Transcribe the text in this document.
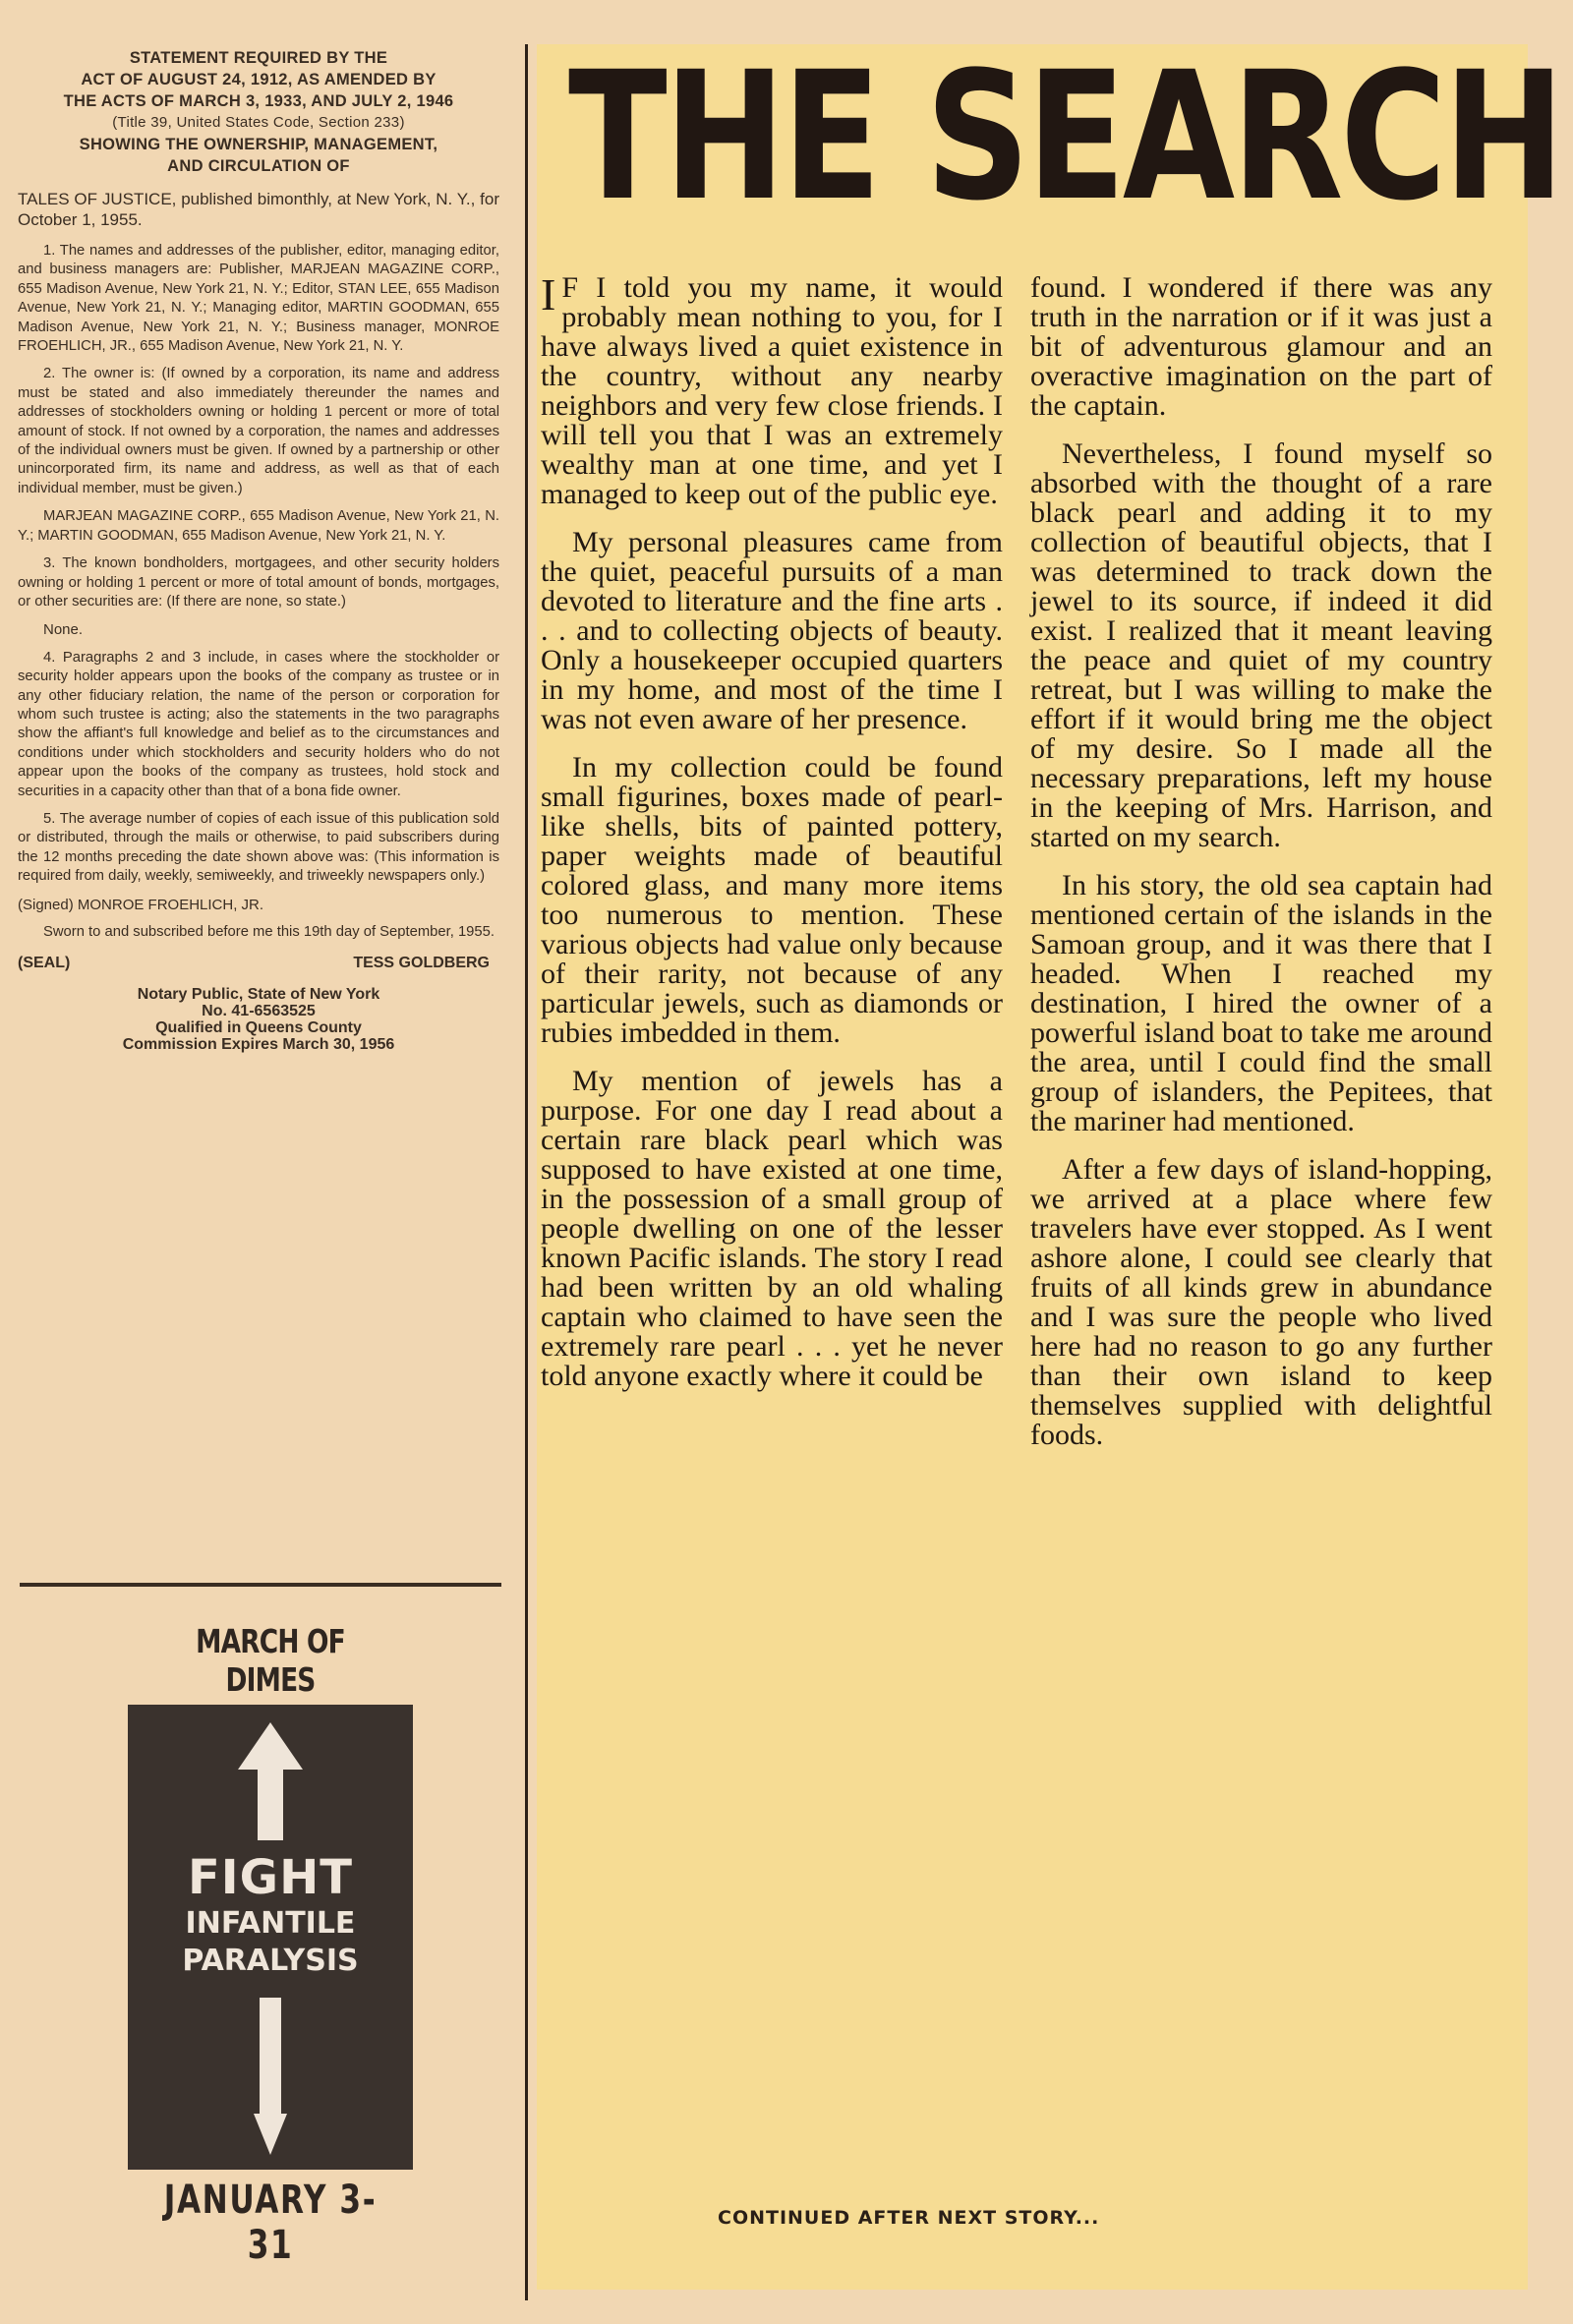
STATEMENT REQUIRED BY THE
ACT OF AUGUST 24, 1912, AS AMENDED BY
THE ACTS OF MARCH 3, 1933, AND JULY 2, 1946
(Title 39, United States Code, Section 233)
SHOWING THE OWNERSHIP, MANAGEMENT,
AND CIRCULATION OF

TALES OF JUSTICE, published bimonthly, at New York, N. Y., for October 1, 1955.

1. The names and addresses of the publisher, editor, managing editor, and business managers are: Publisher, MARJEAN MAGAZINE CORP., 655 Madison Avenue, New York 21, N. Y.; Editor, STAN LEE, 655 Madison Avenue, New York 21, N. Y.; Managing editor, MARTIN GOODMAN, 655 Madison Avenue, New York 21, N. Y.; Business manager, MONROE FROEHLICH, JR., 655 Madison Avenue, New York 21, N. Y.

2. The owner is: (If owned by a corporation, its name and address must be stated and also immediately thereunder the names and addresses of stockholders owning or holding 1 percent or more of total amount of stock. If not owned by a corporation, the names and addresses of the individual owners must be given. If owned by a partnership or other unincorporated firm, its name and address, as well as that of each individual member, must be given.)

MARJEAN MAGAZINE CORP., 655 Madison Avenue, New York 21, N. Y.; MARTIN GOODMAN, 655 Madison Avenue, New York 21, N. Y.

3. The known bondholders, mortgagees, and other security holders owning or holding 1 percent or more of total amount of bonds, mortgages, or other securities are: (If there are none, so state.)

None.

4. Paragraphs 2 and 3 include, in cases where the stockholder or security holder appears upon the books of the company as trustee or in any other fiduciary relation, the name of the person or corporation for whom such trustee is acting; also the statements in the two paragraphs show the affiant's full knowledge and belief as to the circumstances and conditions under which stockholders and security holders who do not appear upon the books of the company as trustees, hold stock and securities in a capacity other than that of a bona fide owner.

5. The average number of copies of each issue of this publication sold or distributed, through the mails or otherwise, to paid subscribers during the 12 months preceding the date shown above was: (This information is required from daily, weekly, semiweekly, and triweekly newspapers only.)

(Signed) MONROE FROEHLICH, JR.

Sworn to and subscribed before me this 19th day of September, 1955.

(SEAL)	TESS GOLDBERG
Notary Public, State of New York
No. 41-6563525
Qualified in Queens County
Commission Expires March 30, 1956
MARCH OF DIMES
FIGHT
INFANTILE
PARALYSIS
JANUARY 3-31
THE SEARCH

I F I told you my name, it would probably mean nothing to you, for I have always lived a quiet existence in the country, without any nearby neighbors and very few close friends. I will tell you that I was an extremely wealthy man at one time, and yet I managed to keep out of the public eye.

My personal pleasures came from the quiet, peaceful pursuits of a man devoted to literature and the fine arts . . . and to collecting objects of beauty. Only a housekeeper occupied quarters in my home, and most of the time I was not even aware of her presence.

In my collection could be found small figurines, boxes made of pearl-like shells, bits of painted pottery, paper weights made of beautiful colored glass, and many more items too numerous to mention. These various objects had value only because of their rarity, not because of any particular jewels, such as diamonds or rubies imbedded in them.

My mention of jewels has a purpose. For one day I read about a certain rare black pearl which was supposed to have existed at one time, in the possession of a small group of people dwelling on one of the lesser known Pacific islands. The story I read had been written by an old whaling captain who claimed to have seen the extremely rare pearl . . . yet he never told anyone exactly where it could be

found. I wondered if there was any truth in the narration or if it was just a bit of adventurous glamour and an overactive imagination on the part of the captain.

Nevertheless, I found myself so absorbed with the thought of a rare black pearl and adding it to my collection of beautiful objects, that I was determined to track down the jewel to its source, if indeed it did exist. I realized that it meant leaving the peace and quiet of my country retreat, but I was willing to make the effort if it would bring me the object of my desire. So I made all the necessary preparations, left my house in the keeping of Mrs. Harrison, and started on my search.

In his story, the old sea captain had mentioned certain of the islands in the Samoan group, and it was there that I headed. When I reached my destination, I hired the owner of a powerful island boat to take me around the area, until I could find the small group of islanders, the Pepitees, that the mariner had mentioned.

After a few days of island-hopping, we arrived at a place where few travelers have ever stopped. As I went ashore alone, I could see clearly that fruits of all kinds grew in abundance and I was sure the people who lived here had no reason to go any further than their own island to keep themselves supplied with delightful foods.

CONTINUED AFTER NEXT STORY...
